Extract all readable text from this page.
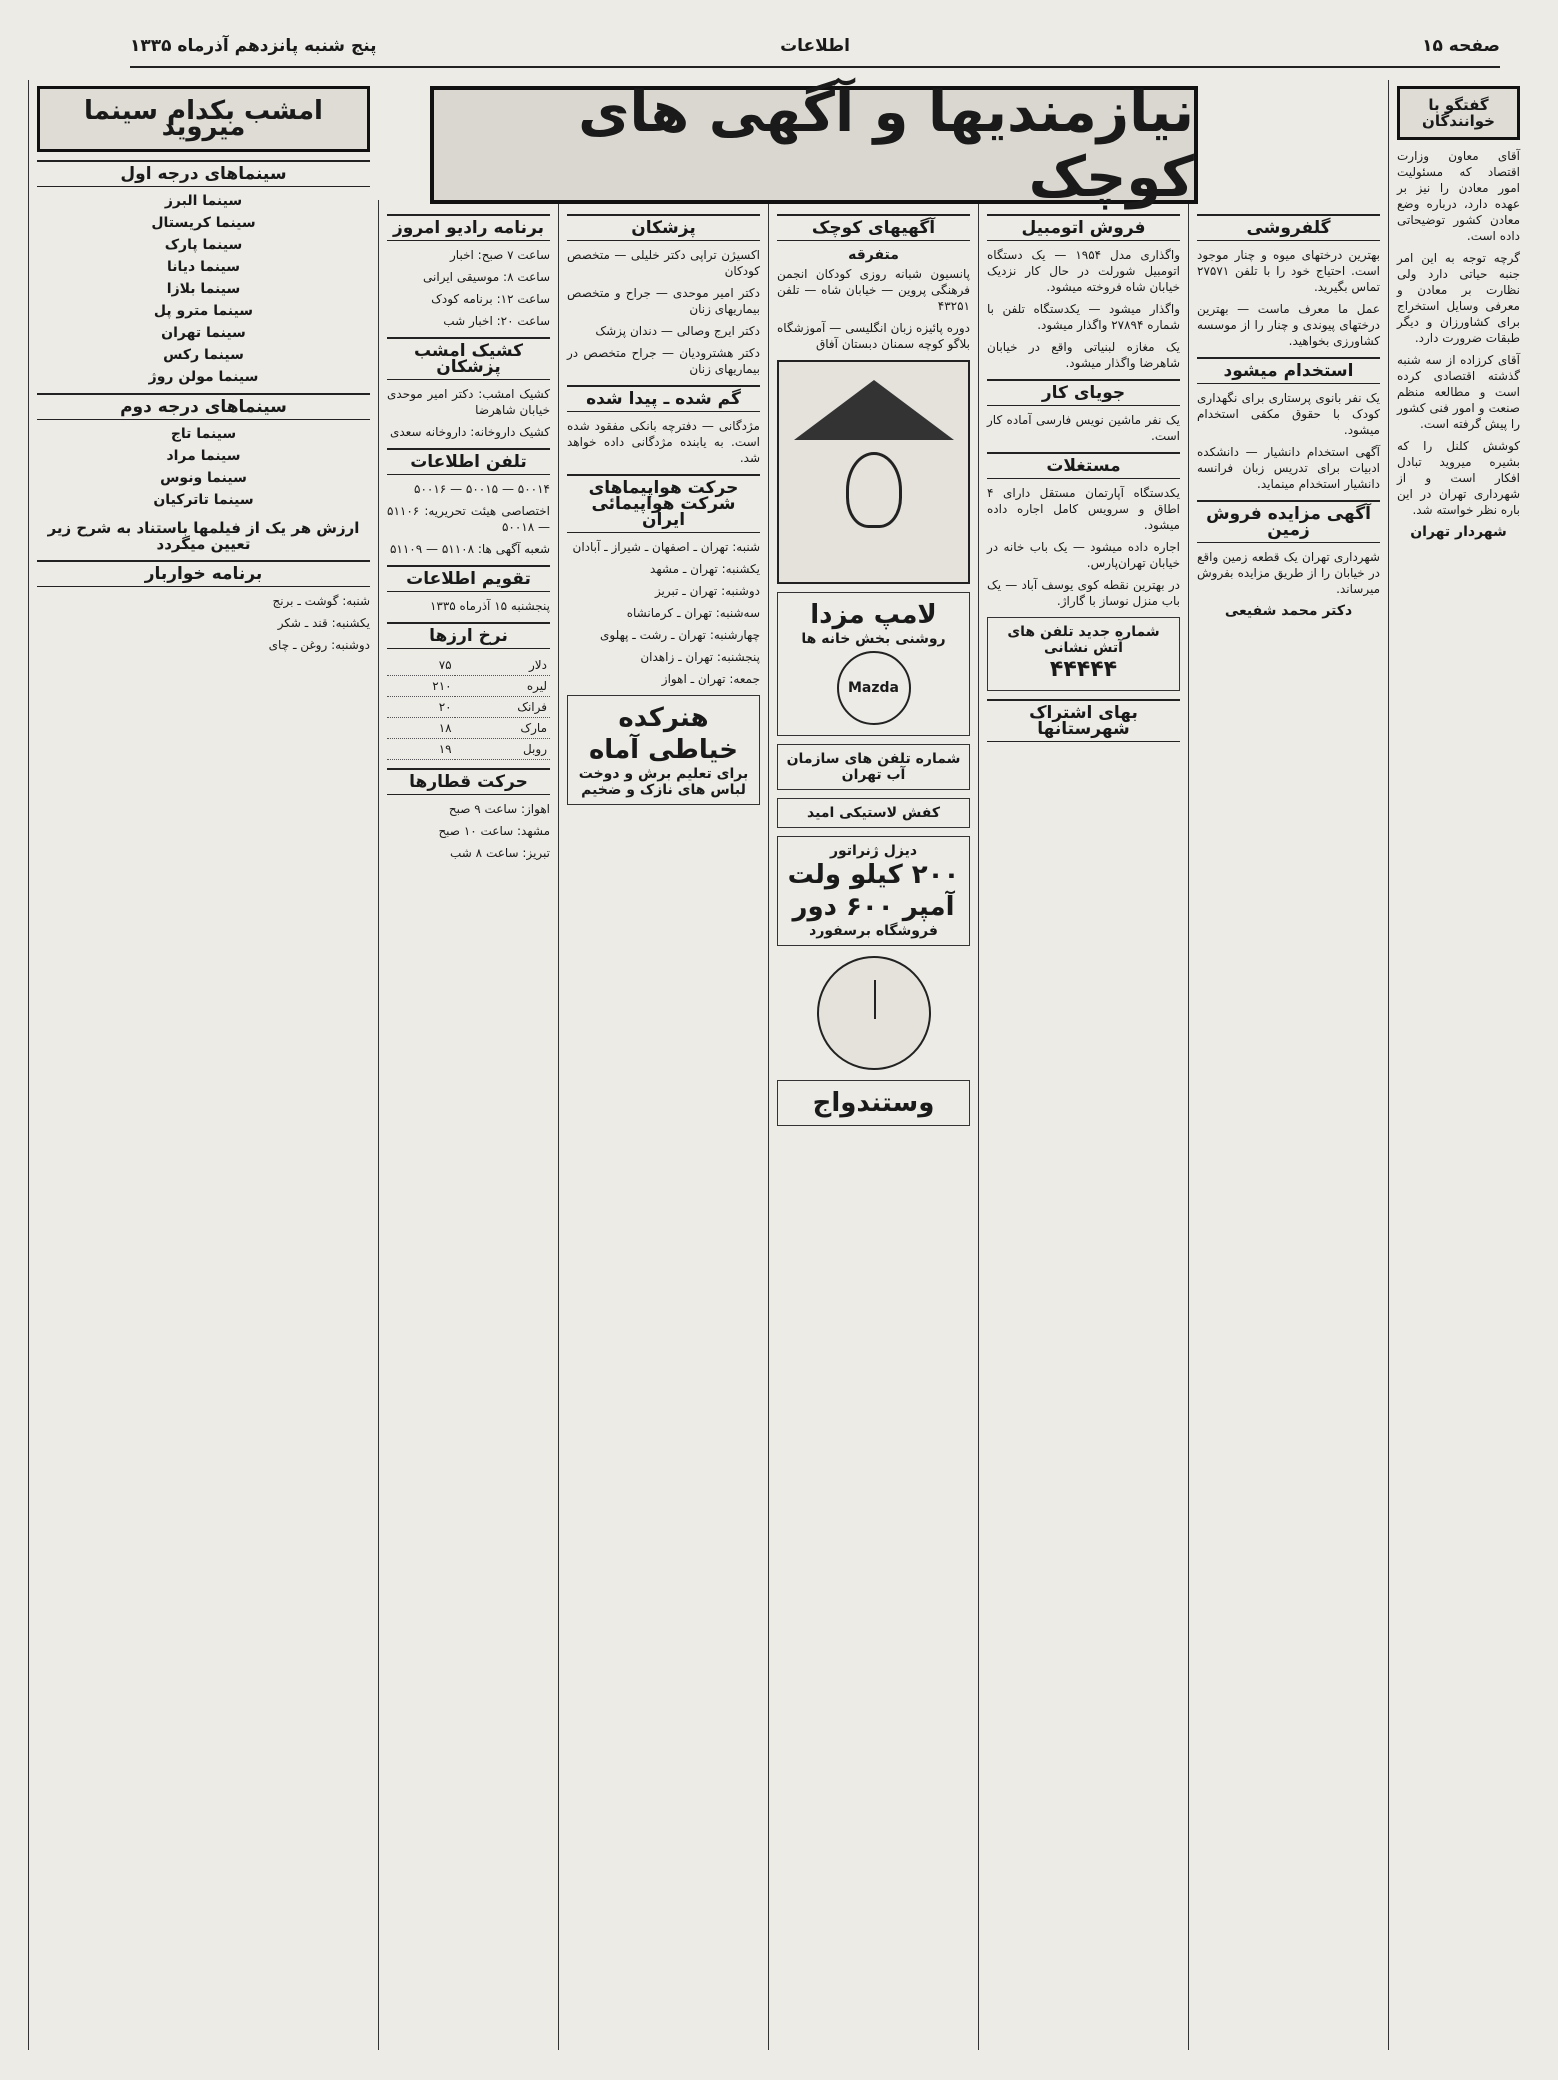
صفحه ۱۵
اطلاعات
پنج شنبه پانزدهم آذرماه ۱۳۳۵
گفتگو با خوانندگان

آقای معاون وزارت اقتصاد که مسئولیت امور معادن را نیز بر عهده دارد، درباره وضع معادن کشور توضیحاتی داده است.

گرچه توجه به این امر جنبه حیاتی دارد ولی نظارت بر معادن و معرفی وسایل استخراج برای کشاورزان و دیگر طبقات ضرورت دارد.

آقای کرزاده از سه شنبه گذشته اقتصادی کرده است و مطالعه منظم صنعت و امور فنی کشور را پیش گرفته است.

کوشش کلنل را که بشیره میروید تبادل افکار است و از شهرداری تهران در این باره نظر خواسته شد.

شهردار تهران
گلفروشی

بهترین درختهای میوه و چنار موجود است. احتیاج خود را با تلفن ۲۷۵۷۱ تماس بگیرید.

عمل ما معرف ماست — بهترین درختهای پیوندی و چنار را از موسسه کشاورزی بخواهید.

استخدام میشود

یک نفر بانوی پرستاری برای نگهداری کودک با حقوق مکفی استخدام میشود.

آگهی استخدام دانشیار — دانشکده ادبیات برای تدریس زبان فرانسه دانشیار استخدام مینماید.

آگهی مزایده فروش زمین

شهرداری تهران یک قطعه زمین واقع در خیابان را از طریق مزایده بفروش میرساند.

دکتر محمد شفیعی
فروش اتومبیل

واگذاری مدل ۱۹۵۴ — یک دستگاه اتومبیل شورلت در حال کار نزدیک خیابان شاه فروخته میشود.

واگذار میشود — یکدستگاه تلفن با شماره ۲۷۸۹۴ واگذار میشود.

یک مغازه لبنیاتی واقع در خیابان شاهرضا واگذار میشود.

جویای کار

یک نفر ماشین نویس فارسی آماده کار است.

مستغلات

یکدستگاه آپارتمان مستقل دارای ۴ اطاق و سرویس کامل اجاره داده میشود.

اجاره داده میشود — یک باب خانه در خیابان تهران‌پارس.

در بهترین نقطه کوی یوسف آباد — یک باب منزل نوساز با گاراژ.

شماره جدید تلفن های آتش نشانی
۴۴۴۴۴
بهای اشتراک شهرستانها
آگهیهای کوچک
متفرقه

پانسیون شبانه روزی کودکان انجمن فرهنگی پروین — خیابان شاه — تلفن ۴۳۲۵۱

دوره پائیزه زبان انگلیسی — آموزشگاه بلاگو کوچه سمنان دبستان آفاق

لامپ مزدا
روشنی بخش خانه ها
Mazda
شماره تلفن های سازمان آب تهران
کفش لاستیکی امید
دیزل ژنراتور
۲۰۰ کیلو ولت
آمپر ۶۰۰ دور
فروشگاه برسفورد
وستندواج
پزشکان

اکسیژن تراپی دکتر خلیلی — متخصص کودکان

دکتر امیر موحدی — جراح و متخصص بیماریهای زنان

دکتر ایرج وصالی — دندان پزشک

دکتر هشترودیان — جراح متخصص در بیماریهای زنان

گم شده ـ پیدا شده

مژدگانی — دفترچه بانکی مفقود شده است. به یابنده مژدگانی داده خواهد شد.

حرکت هواپیماهای شرکت هواپیمائی ایران

شنبه: تهران ـ اصفهان ـ شیراز ـ آبادان

یکشنبه: تهران ـ مشهد

دوشنبه: تهران ـ تبریز

سه‌شنبه: تهران ـ کرمانشاه

چهارشنبه: تهران ـ رشت ـ پهلوی

پنجشنبه: تهران ـ زاهدان

جمعه: تهران ـ اهواز

هنرکده خیاطی آماه
برای تعلیم برش و دوخت لباس های نازک و ضخیم
برنامه رادیو امروز

ساعت ۷ صبح: اخبار

ساعت ۸: موسیقی ایرانی

ساعت ۱۲: برنامه کودک

ساعت ۲۰: اخبار شب

کشیک امشب پزشکان

کشیک امشب: دکتر امیر موحدی خیابان شاهرضا

کشیک داروخانه: داروخانه سعدی

تلفن اطلاعات

۵۰۰۱۴ — ۵۰۰۱۵ — ۵۰۰۱۶

اختصاصی هیئت تحریریه: ۵۱۱۰۶ — ۵۰۰۱۸

شعبه آگهی ها: ۵۱۱۰۸ — ۵۱۱۰۹

تقویم اطلاعات

پنجشنبه ۱۵ آذرماه ۱۳۳۵

نرخ ارزها
دلار	۷۵
لیره	۲۱۰
فرانک	۲۰
مارک	۱۸
روبل	۱۹
حرکت قطارها

اهواز: ساعت ۹ صبح

مشهد: ساعت ۱۰ صبح

تبریز: ساعت ۸ شب

امشب بکدام سینما میروید
سینماهای درجه اول
سینما البرز
سینما کریستال
سینما پارک
سینما دیانا
سینما بلازا
سینما مترو پل
سینما تهران
سینما رکس
سینما مولن روژ
سینماهای درجه دوم
سینما تاج
سینما مراد
سینما ونوس
سینما تاترکیان

ارزش هر یک از فیلمها باستناد به شرح زیر تعیین میگردد

برنامه خواربار

شنبه: گوشت ـ برنج

یکشنبه: قند ـ شکر

دوشنبه: روغن ـ چای

نیازمندیها و آگهی های کوچک
